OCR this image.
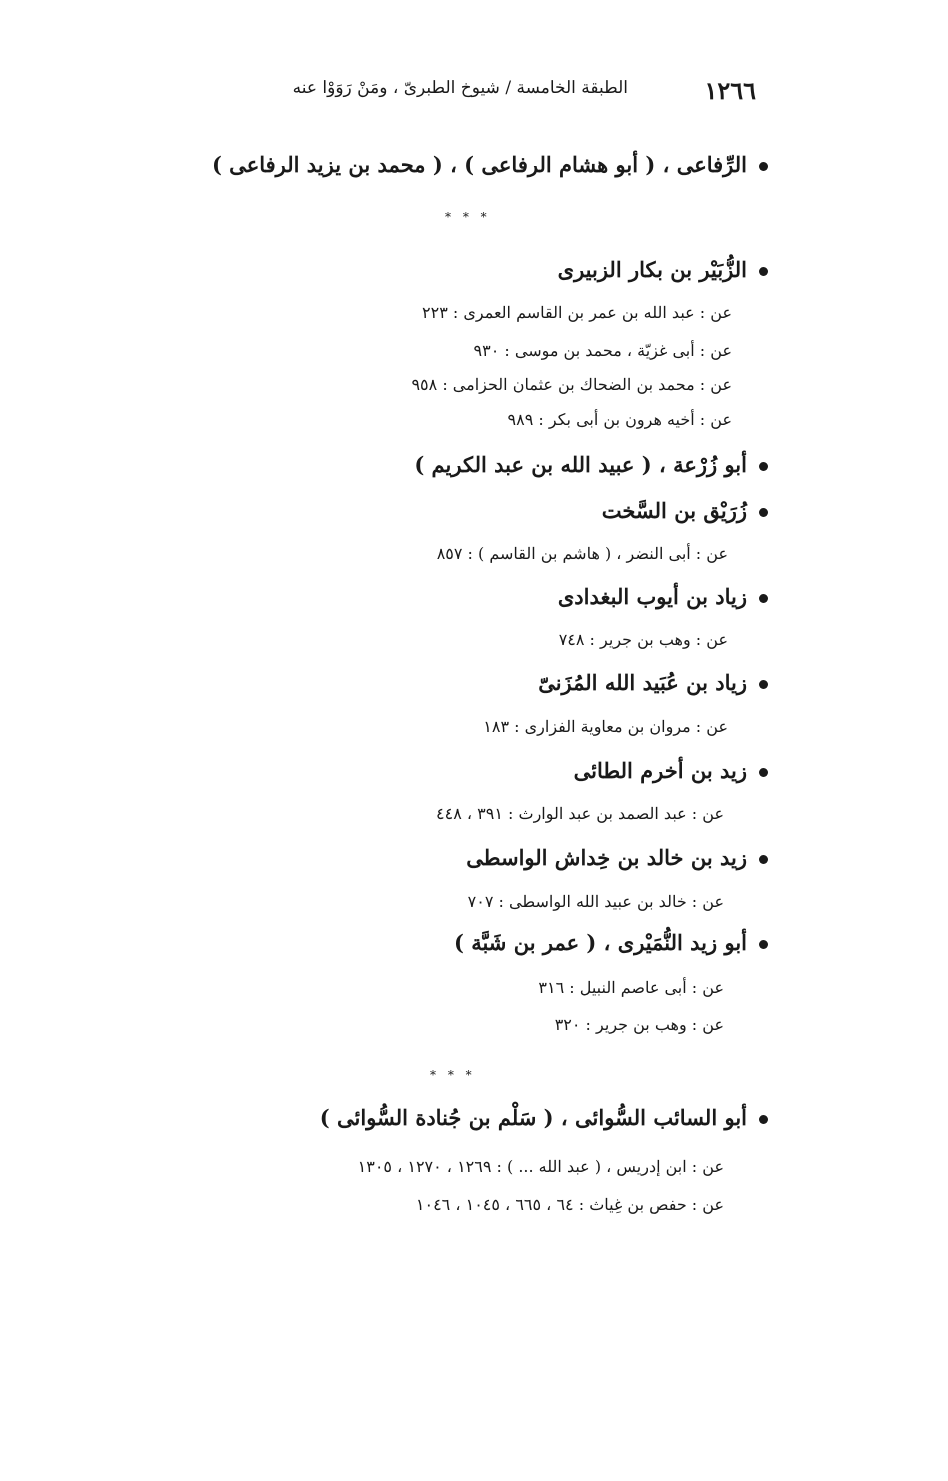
١٢٦٦
الطبقة الخامسة / شيوخ الطبرىّ ، ومَنْ رَوَوْا عنه
الرِّفاعى ، ( أبو هشام الرفاعى ) ، ( محمد بن يزيد الرفاعى )
* * *
الزُّبَيْر بن بكار الزبيرى
عن : عبد الله بن عمر بن القاسم العمرى : ٢٢٣
عن : أبى غزيّة ، محمد بن موسى : ٩٣٠
عن : محمد بن الضحاك بن عثمان الحزامى : ٩٥٨
عن : أخيه هرون بن أبى بكر : ٩٨٩
أبو زُرْعة ، ( عبيد الله بن عبد الكريم )
زُرَيْق بن السَّخت
عن : أبى النضر ، ( هاشم بن القاسم ) : ٨٥٧
زياد بن أيوب البغدادى
عن : وهب بن جرير : ٧٤٨
زياد بن عُبَيد الله المُزَنىّ
عن : مروان بن معاوية الفزارى : ١٨٣
زيد بن أخرم الطائى
عن : عبد الصمد بن عبد الوارث : ٣٩١ ، ٤٤٨
زيد بن خالد بن خِداش الواسطى
عن : خالد بن عبيد الله الواسطى : ٧٠٧
أبو زيد النُّمَيْرى ، ( عمر بن شَبَّة )
عن : أبى عاصم النبيل : ٣١٦
عن : وهب بن جرير : ٣٢٠
* * *
أبو السائب السُّوائى ، ( سَلْم بن جُنادة السُّوائى )
عن : ابن إدريس ، ( عبد الله ... ) : ١٢٦٩ ، ١٢٧٠ ، ١٣٠٥
عن : حفص بن غِياث : ٦٤ ، ٦٦٥ ، ١٠٤٥ ، ١٠٤٦
